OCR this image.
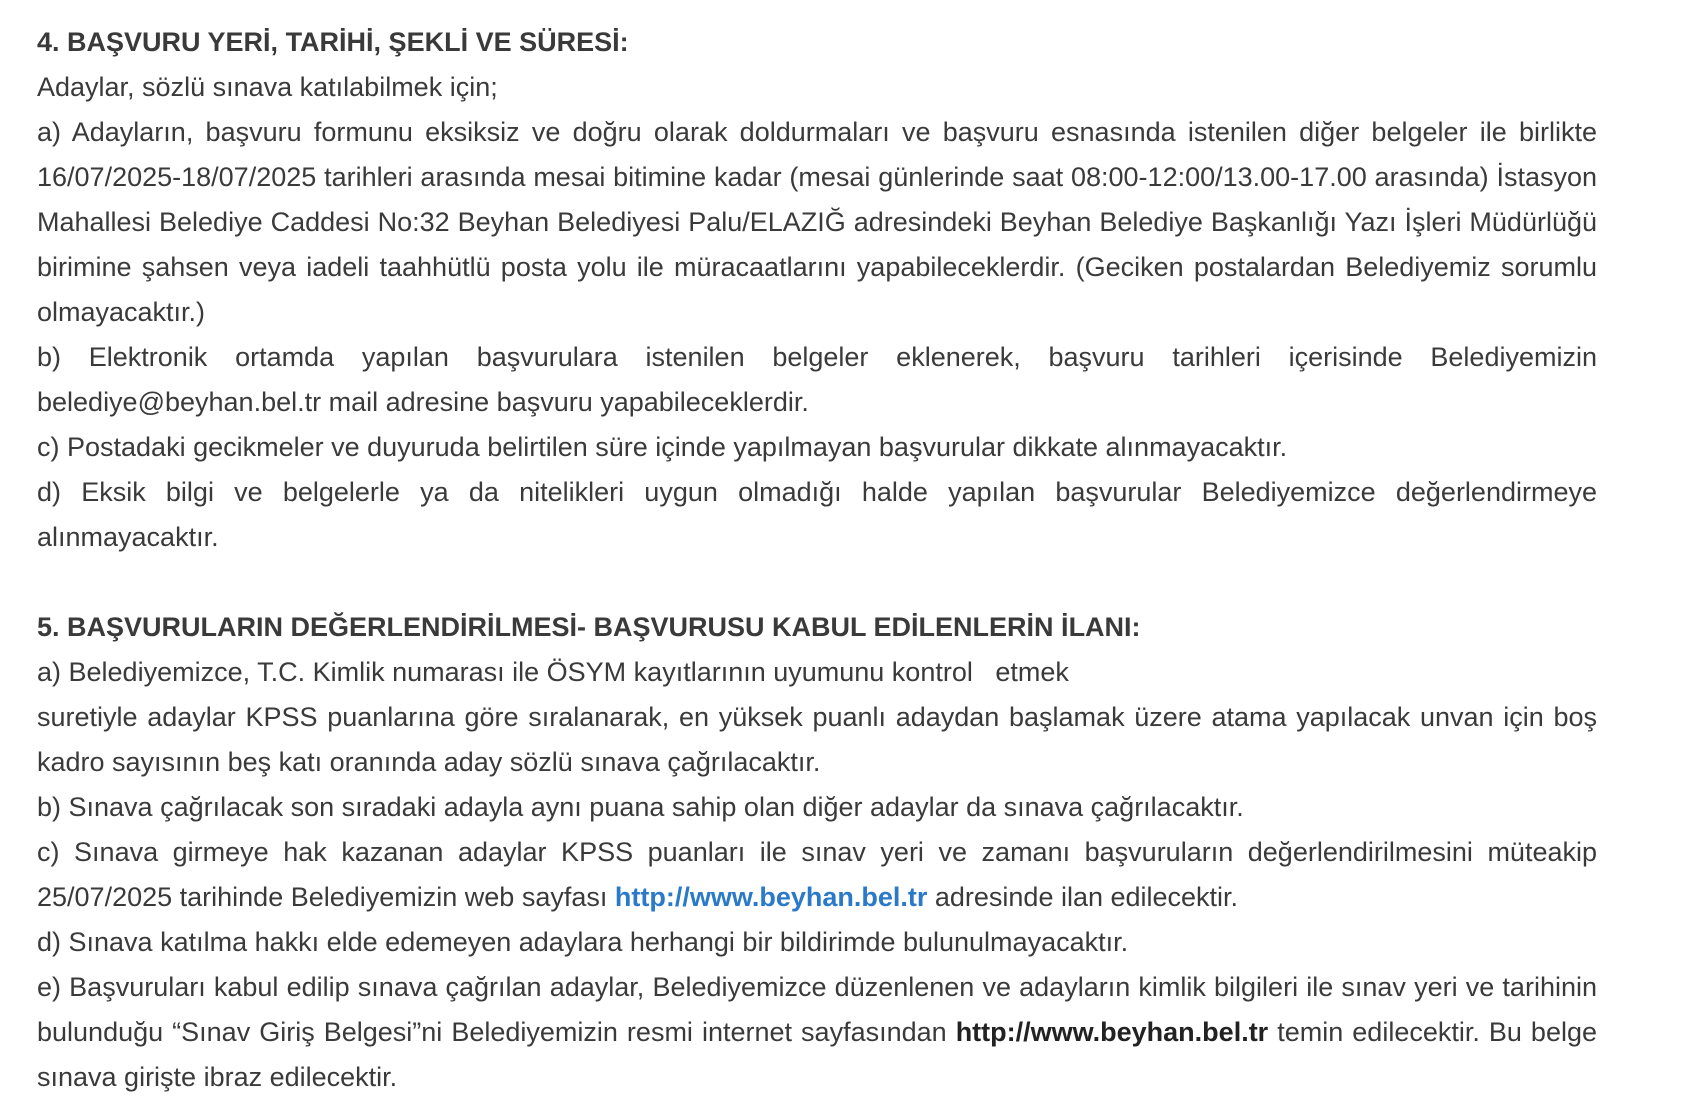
4. BAŞVURU YERİ, TARİHİ, ŞEKLİ VE SÜRESİ:

Adaylar, sözlü sınava katılabilmek için;

a) Adayların, başvuru formunu eksiksiz ve doğru olarak doldurmaları ve başvuru esnasında istenilen diğer belgeler ile birlikte 16/07/2025-18/07/2025 tarihleri arasında mesai bitimine kadar (mesai günlerinde saat 08:00-12:00/13.00-17.00 arasında) İstasyon Mahallesi Belediye Caddesi No:32 Beyhan Belediyesi Palu/ELAZIĞ adresindeki Beyhan Belediye Başkanlığı Yazı İşleri Müdürlüğü birimine şahsen veya iadeli taahhütlü posta yolu ile müracaatlarını yapabileceklerdir. (Geciken postalardan Belediyemiz sorumlu olmayacaktır.)

b) Elektronik ortamda yapılan başvurulara istenilen belgeler eklenerek, başvuru tarihleri içerisinde Belediyemizin belediye@beyhan.bel.tr mail adresine başvuru yapabileceklerdir.

c) Postadaki gecikmeler ve duyuruda belirtilen süre içinde yapılmayan başvurular dikkate alınmayacaktır.

d) Eksik bilgi ve belgelerle ya da nitelikleri uygun olmadığı halde yapılan başvurular Belediyemizce değerlendirmeye alınmayacaktır.

5. BAŞVURULARIN DEĞERLENDİRİLMESİ- BAŞVURUSU KABUL EDİLENLERİN İLANI:

a) Belediyemizce, T.C. Kimlik numarası ile ÖSYM kayıtlarının uyumunu kontrol   etmek

suretiyle adaylar KPSS puanlarına göre sıralanarak, en yüksek puanlı adaydan başlamak üzere atama yapılacak unvan için boş kadro sayısının beş katı oranında aday sözlü sınava çağrılacaktır.

b) Sınava çağrılacak son sıradaki adayla aynı puana sahip olan diğer adaylar da sınava çağrılacaktır.

c) Sınava girmeye hak kazanan adaylar KPSS puanları ile sınav yeri ve zamanı başvuruların değerlendirilmesini müteakip 25/07/2025 tarihinde Belediyemizin web sayfası http://www.beyhan.bel.tr adresinde ilan edilecektir.

d) Sınava katılma hakkı elde edemeyen adaylara herhangi bir bildirimde bulunulmayacaktır.

e) Başvuruları kabul edilip sınava çağrılan adaylar, Belediyemizce düzenlenen ve adayların kimlik bilgileri ile sınav yeri ve tarihinin bulunduğu “Sınav Giriş Belgesi”ni Belediyemizin resmi internet sayfasından http://www.beyhan.bel.tr temin edilecektir. Bu belge sınava girişte ibraz edilecektir.
